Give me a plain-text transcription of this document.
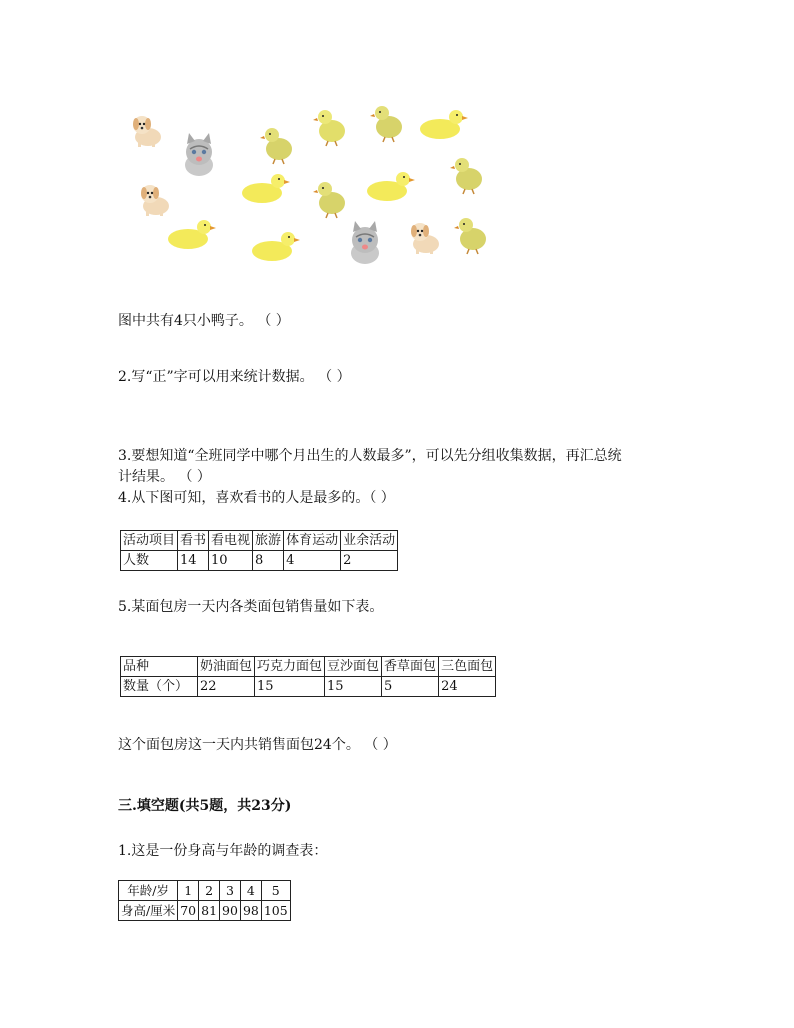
图中共有4只小鸭子。 （ ）
2.写“正”字可以用来统计数据。 （ ）
3.要想知道“全班同学中哪个月出生的人数最多”，可以先分组收集数据，再汇总统
计结果。 （ ）
4.从下图可知，喜欢看书的人是最多的。（ ）
活动项目	看书	看电视	旅游	体育运动	业余活动
人数	14	10	8	4	2
5.某面包房一天内各类面包销售量如下表。
品种	奶油面包	巧克力面包	豆沙面包	香草面包	三色面包
数量（个）	22	15	15	5	24
这个面包房这一天内共销售面包24个。 （ ）
三.填空题(共5题，共23分)
1.这是一份身高与年龄的调查表：
年龄/岁	1	2	3	4	5
身高/厘米	70	81	90	98	105
